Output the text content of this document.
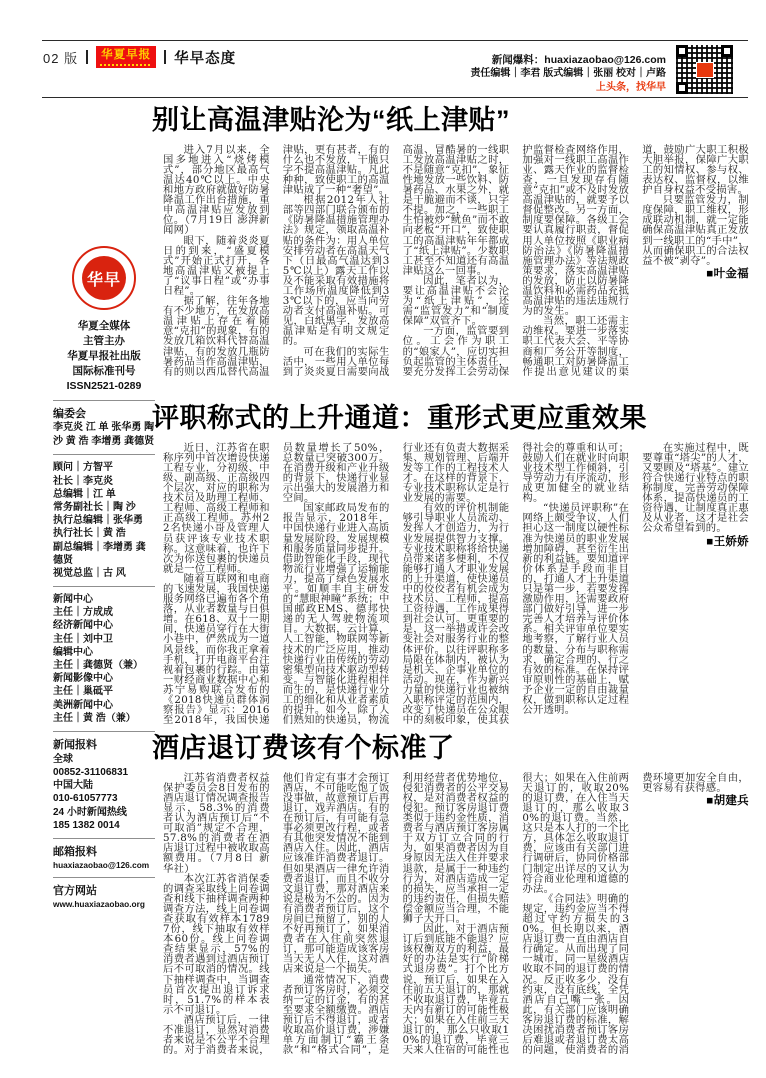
02 版	华夏早报	华早态度	新闻爆料：huaxiazaobao@126.com
责任编辑｜李君 版式编辑｜张丽 校对｜卢路
上头条，找华早
华早
华夏全媒体
主管主办
华夏早报社出版
国际标准刊号
ISSN2521-0289
编委会
李克炎 江 单 张华勇 陶 沙 黄 浩 李增勇 龚德贤
顾问｜方智平
社长｜李克炎
总编辑｜江 单
常务副社长｜陶 沙
执行总编辑｜张华勇
执行社长｜黄 浩
副总编辑｜李增勇 龚德贤
视觉总监｜古 风
新闻中心
主任｜方成成
经济新闻中心
主任｜刘中卫
编辑中心
主任｜龚德贤（兼）
新闻影像中心
主任｜巢砥平
美洲新闻中心
主任｜黄 浩（兼）
新闻报料
全球
00852-31106831
中国大陆
010-61057773
24 小时新闻热线
185 1382 0014
邮箱报料
huaxiazaobao@126.com
官方网站
www.huaxiazaobao.org
别让高温津贴沦为“纸上津贴”

进入7月以来，全国多地进入“烧烤模式”，部分地区最高气温达40℃以上。中央和地方政府就做好防暑降温工作出台措施，重申高温津贴应发放到位。（7月19日 澎湃新闻网）

眼下，随着炎炎夏日的到来，“盛夏模式”开始正式打开，各地高温津贴又被提上了“议事日程”或“办事日程”。

据了解，往年各地有不少地方，在发放高温津贴上存在着随意“克扣”的现象，有的发放几箱饮料代替高温津贴，有的发放几瓶防暑药品当作高温津贴，有的则以西瓜替代高温津贴，更有甚者，有的什么也不发放，干脆只字不提高温津贴。凡此种种，致使职工的高温津贴成了一种“奢望”。

根据2012年人社部等四部门联合颁布的《防暑降温措施管理办法》规定，领取高温补贴的条件为：用人单位安排劳动者在高温天气下（日最高气温达到35℃以上）露天工作以及不能采取有效措施将工作场所温度降低到33℃以下的，应当向劳动者支付高温补贴。可见，白纸黑字，发放高温津贴是有明文规定的。

可在我们的实际生活中，一些用人单位每到了炎炎夏日需要向战高温、冒酷暑的一线职工发放高温津贴之时，不是随意“克扣”，象征性地发放一些饮料、防暑药品、水果之外，就是干脆避而不谈，只字不提。加之，一些职工生怕被炒“鱿鱼”而不敢向老板“开口”，致使职工的高温津贴年年都成了“纸上津贴”。少数职工甚至不知道还有高温津贴这么一回事。

因此，笔者以为，要让高温津贴不会沦为“纸上津贴”，还需“监管发力”和“制度保障”双管齐下。

一方面，监管要到位。工会作为职工的“娘家人”，应切实担负起监管的主体责任，要充分发挥工会劳动保护监督检查网络作用，加强对一线职工高温作业、露天作业的监督检查，一旦发现存有随意“克扣”或不及时发放高温津贴的，就要予以督促整改。另一方面，制度要保障。各级工会要认真履行职责，督促用人单位按照《职业病防治法》《防暑降温措施管理办法》等法规政策要求，落实高温津贴的发放，防止以防暑降温饮料和必需药品充抵高温津贴的违法违规行为的发生。

当然，职工还需主动维权。要进一步落实职工代表大会、平等协商和厂务公开等制度，畅通职工对防暑降温工作提出意见建议的渠道，鼓励广大职工积极大胆举报，保障广大职工的知情权、参与权、表达权、监督权，以维护自身权益不受损害。

只要监管发力，制度保障，职工维权，形成联动机制，就一定能确保高温津贴真正发放到一线职工的“手中”，从而确保职工的合法权益不被“剥夺”。

■叶金福
评职称式的上升通道：重形式更应重效果

近日，江苏省在职称序列中首次增设快递工程专业，分初级、中级、副高级、正高级四个层次，对应的职称为技术员及助理工程师、工程师、高级工程师和正高级工程师。苏州22名快递小哥及管理人员获评该专业技术职称。这意味着，也许下次为你送包裹的快递员就是一位工程师。

随着互联网和电商的飞速发展，我国快递服务网络已遍布各个角落，从业者数量与日俱增。在618、双十一期间，快递员穿行在大街小巷中，俨然成为一道风景线，而你我正拿着手机，打开电商平台注视着包裹的行踪。由第一财经商业数据中心和苏宁易购联合发布的《2018快递员群体洞察报告》显示：2016至2018年，我国快递员数量增长了50%，总数量已突破300万。在消费升级和产业升级的背景下，快递行业显示出强大的发展潜力和空间。

国家邮政局发布的报告显示，2018年，中国快递行业进入高质量发展阶段，发展规模和服务质量同步提升。借助智能化手段，现代物流行业增强了运输能力，提高了绿色发展水平。如顺丰自主研发的“慧眼神瞳”系统；中国邮政EMS、德邦快递的无人驾驶物流项目。大数据，云计算，人工智能，物联网等新技术的广泛应用，推动快递行业由传统的劳动密集型向技术驱动型转变。与智能化进程相伴而生的，是快递行业分工的细化和从业者素质的提升。如今，除了人们熟知的快递员，物流行业还有负责大数据采集、规划管理、后端开发等工作的工程技术人才。在这样的背景下，专业技术职称认定是行业发展的需要。

有效的评价机制能够引导职业人员流动、发挥人才创造力，为行业发展提供智力支撑。专业技术职称将给快递员带来诸多便利，不仅能够打通人才职业发展的上升渠道，使快递员中的佼佼者有机会成为技术员、工程师，提高工资待遇，工作成果得到社会认可。更重要的是，这一举措或许会改变社会对服务行业的整体评价。以往评职称多局限在体制内，被认为是机关、企事业单位的活动。现在，作为新兴力量的快递行业也被纳入职称评定的范围内，改变了快递员在公众眼中的刻板印象，使其获得社会的尊重和认可；鼓励人们在就业时向职业技术型工作倾斜，引导劳动力有序流动，形成更加健全的就业结构。

“快递员评职称”在网络上颇受争议，人们担心这一制度以硬性标准为快递员的职业发展增加障碍，甚至衍生出新的利益链。要知道评价体系是手段而非目的，打通人才上升渠道只是第一步，若要发挥激励作用，还需要政府部门做好引导，进一步完善人才培养与评价体系。相关评审单位要实地考察，了解行业人员的数量、分布与职称需求，确定合理的、行之有效的标准。在保持评审原则性的基础上，赋予企业一定的自由裁量权，做到职称认定过程公开透明。

在实施过程中，既要尊重“塔尖”的人才，又要顾及“塔基”。建立符合快递行业特点的职称制度，完善劳动保障体系，提高快递员的工资待遇，让制度真正惠及从业者，这才是社会公众希望看到的。

■王娇娇
酒店退订费该有个标准了

江苏省消费者权益保护委员会8日发布的酒店退订情况调查报告显示，58.3%的消费者认为酒店预订后“不可取消”规定不合理，57.8%的消费者在酒店退订过程中被收取高额费用。（7月8日 新华社）

本次江苏省消保委的调查采取线上问卷调查和线下抽样调查两种调查方法，线上问卷调查获取有效样本17897份，线下抽取有效样本60份。线上问卷调查结果显示，57%的消费者遇到过酒店预订后不可取消的情况。线下抽样调查中，当调查员首次提出退订诉求时，51.7%的样本表示不可退订。

酒店预订后，一律不准退订，显然对消费者来说是不公平不合理的。对于消费者来说，他们肯定有事才会预订酒店，不可能吃饱了饭没事做，故意预订后再退订，戏弄酒店。有的在预订后，有可能有急事必须更改行程，或者有其他突发情况不能到酒店入住。因此，酒店应该准许消费者退订。但如果酒店一律允许消费者退订，而且不收分文退订费，那对酒店来说是极为不公的。因为有消费者预订后，这个房间已预留了，别的人不好再预订了，如果消费者在入住前突然退订，那可能造成该客房当天无人入住，这对酒店来说是一个损失。

通常情况下，消费者预订客房时，必须交纳一定的订金，有的甚至要求全额缴费。酒店预订后不得退订，或者收取高价退订费，涉嫌单方面制订“霸王条款”和“格式合同”，是利用经营者优势地位，侵犯消费者的公平交易权，是对消费者权益的侵犯。预订客房退订费类似于违约金性质，消费者与酒店预订客房属于双方订立合同的行为，如果消费者因为自身原因无法入住并要求退款，是属于一种违约行为，对酒店造成一定的损失，应当承担一定的违约责任，但损失赔偿金额应当合理，不能狮子大开口。

因此，对于酒店预订后到底能不能退？应该权衡双方的利益，最好的办法是实行“阶梯式退房费”。打个比方说，预订后，如果在入住前五天退订的，那就不收取退订费，毕竟五天内有新订的可能性极大；如果在入住前三天退订的，那么只收取10%的退订费，毕竟三天来人住宿的可能性也很大；如果在入住前两天退订的，收取20%的退订费，在入住当天退订的，那么收取30%的退订费。当然，这只是本人打的一个比方，具体怎么收取退订费，应该由有关部门进行调研后，协同价格部门制定出详尽的又认为符合商业伦理和道德的办法。

《合同法》明确的规定，违约金应当不得超过守约方损失的30%。但长期以来，酒店退订费一直由酒店自行确定。从而出现了同一城市，同一星级酒店收取不同的退订费的情况。反正收多少，没有约束，没有底线，全凭酒店自己嘴一张。因此，有关部门应该明确客房退订费的标准，解决困扰消费者预订客房后难退或者退订费太高的问题，使消费者的消费环境更加安全自由，更容易有获得感。

■胡建兵
